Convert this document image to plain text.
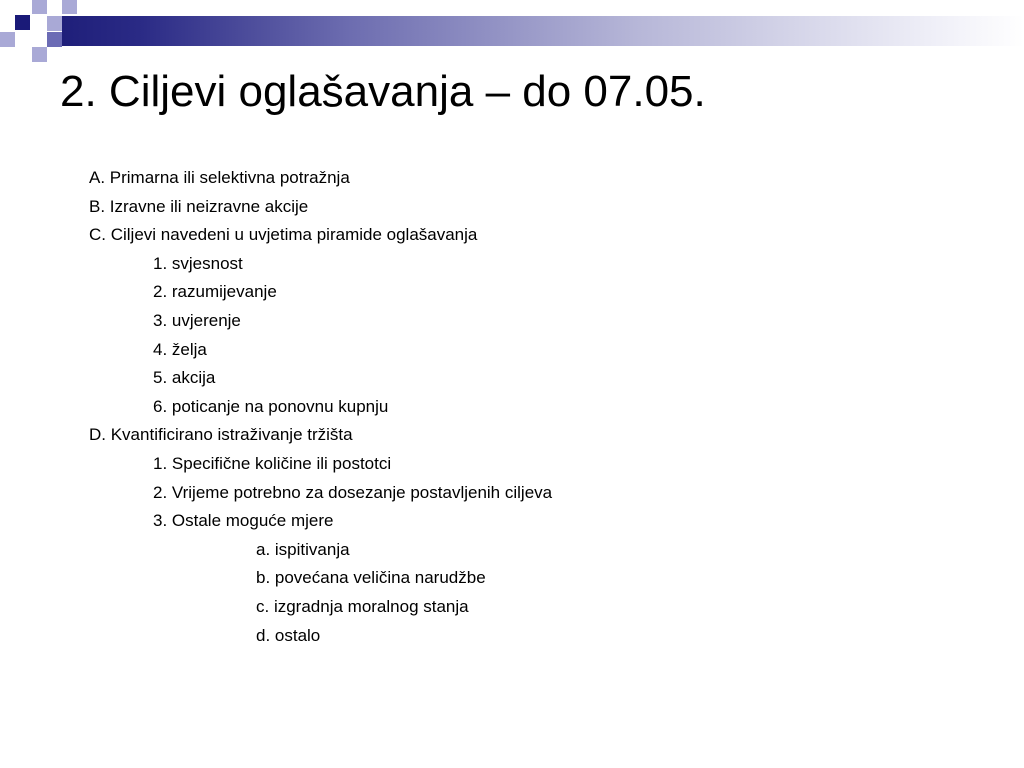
2. Ciljevi oglašavanja – do 07.05.
A. Primarna ili selektivna potražnja
B. Izravne ili neizravne akcije
C. Ciljevi navedeni u uvjetima piramide oglašavanja
1. svjesnost
2. razumijevanje
3. uvjerenje
4. želja
5. akcija
6. poticanje na ponovnu kupnju
D. Kvantificirano istraživanje tržišta
1. Specifične količine ili postotci
2. Vrijeme potrebno za dosezanje postavljenih ciljeva
3. Ostale moguće mjere
a. ispitivanja
b. povećana veličina narudžbe
c. izgradnja moralnog stanja
d. ostalo
